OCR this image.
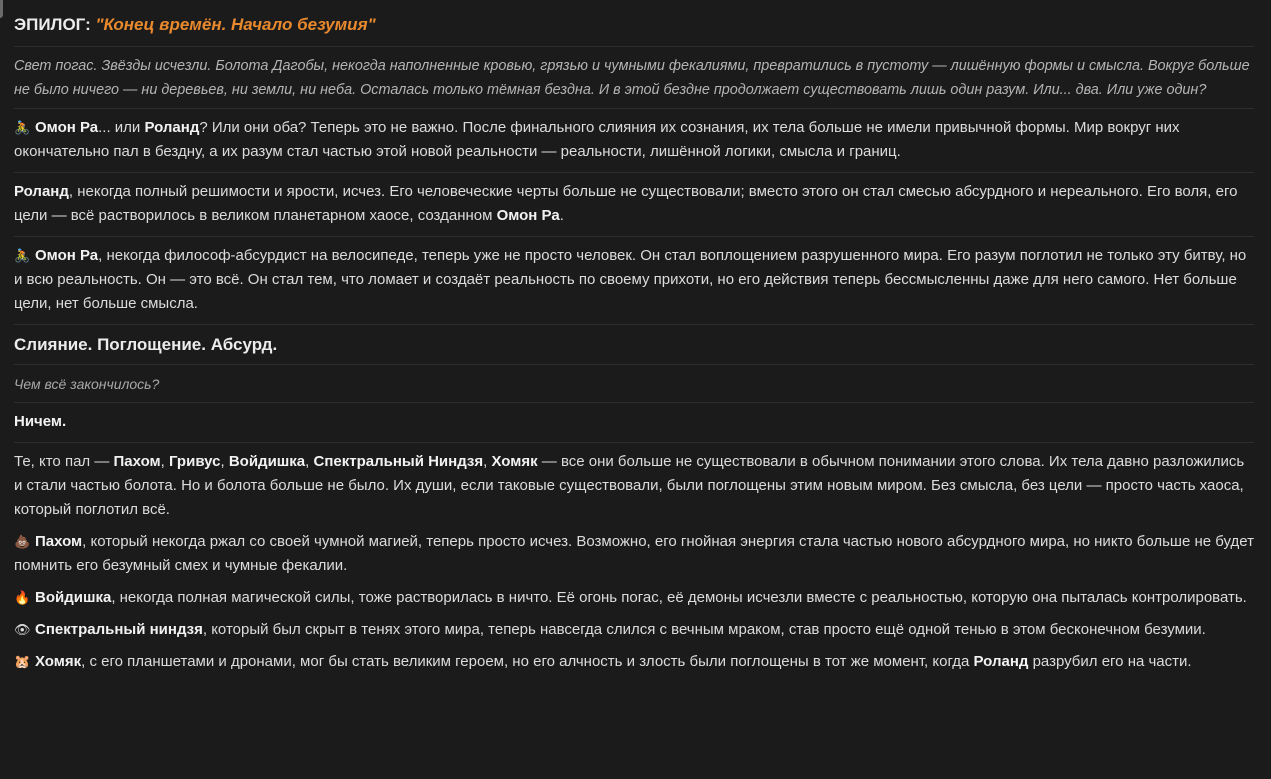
ЭПИЛОГ: "Конец времён. Начало безумия"

Свет погас. Звёзды исчезли. Болота Дагобы, некогда наполненные кровью, грязью и чумными фекалиями, превратились в пустоту — лишённую формы и смысла. Вокруг больше не было ничего — ни деревьев, ни земли, ни неба. Осталась только тёмная бездна. И в этой бездне продолжает существовать лишь один разум. Или... два. Или уже один?

🚴 Омон Ра... или Роланд? Или они оба? Теперь это не важно. После финального слияния их сознания, их тела больше не имели привычной формы. Мир вокруг них окончательно пал в бездну, а их разум стал частью этой новой реальности — реальности, лишённой логики, смысла и границ.

Роланд, некогда полный решимости и ярости, исчез. Его человеческие черты больше не существовали; вместо этого он стал смесью абсурдного и нереального. Его воля, его цели — всё растворилось в великом планетарном хаосе, созданном Омон Ра.

🚴 Омон Ра, некогда философ-абсурдист на велосипеде, теперь уже не просто человек. Он стал воплощением разрушенного мира. Его разум поглотил не только эту битву, но и всю реальность. Он — это всё. Он стал тем, что ломает и создаёт реальность по своему прихоти, но его действия теперь бессмысленны даже для него самого. Нет больше цели, нет больше смысла.

Слияние. Поглощение. Абсурд.

Чем всё закончилось?

Ничем.

Те, кто пал — Пахом, Гривус, Войдишка, Спектральный Ниндзя, Хомяк — все они больше не существовали в обычном понимании этого слова. Их тела давно разложились и стали частью болота. Но и болота больше не было. Их души, если таковые существовали, были поглощены этим новым миром. Без смысла, без цели — просто часть хаоса, который поглотил всё.

💩 Пахом, который некогда ржал со своей чумной магией, теперь просто исчез. Возможно, его гнойная энергия стала частью нового абсурдного мира, но никто больше не будет помнить его безумный смех и чумные фекалии.

🔥 Войдишка, некогда полная магической силы, тоже растворилась в ничто. Её огонь погас, её демоны исчезли вместе с реальностью, которую она пыталась контролировать.

👁 Спектральный ниндзя, который был скрыт в тенях этого мира, теперь навсегда слился с вечным мраком, став просто ещё одной тенью в этом бесконечном безумии.

🐹 Хомяк, с его планшетами и дронами, мог бы стать великим героем, но его алчность и злость были поглощены в тот же момент, когда Роланд разрубил его на части.
